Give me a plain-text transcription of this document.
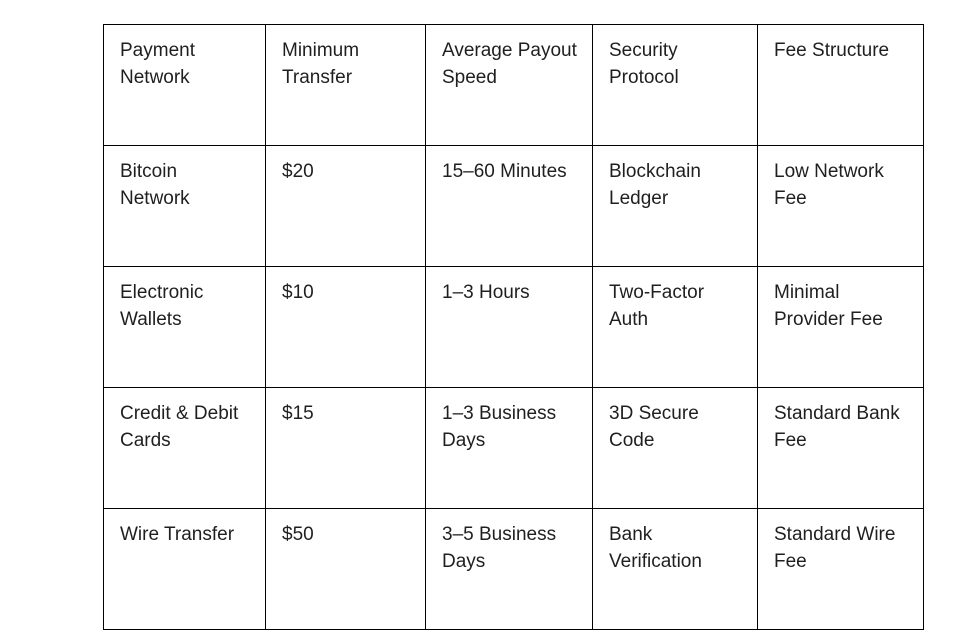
Payment Network	Minimum Transfer	Average Payout Speed	Security Protocol	Fee Structure

Bitcoin Network	$20	15–60 Minutes	Blockchain Ledger	Low Network Fee

Electronic Wallets	$10	1–3 Hours	Two-Factor Auth	Minimal Provider Fee

Credit & Debit Cards	$15	1–3 Business Days	3D Secure Code	Standard Bank Fee

Wire Transfer	$50	3–5 Business Days	Bank Verification	Standard Wire Fee
